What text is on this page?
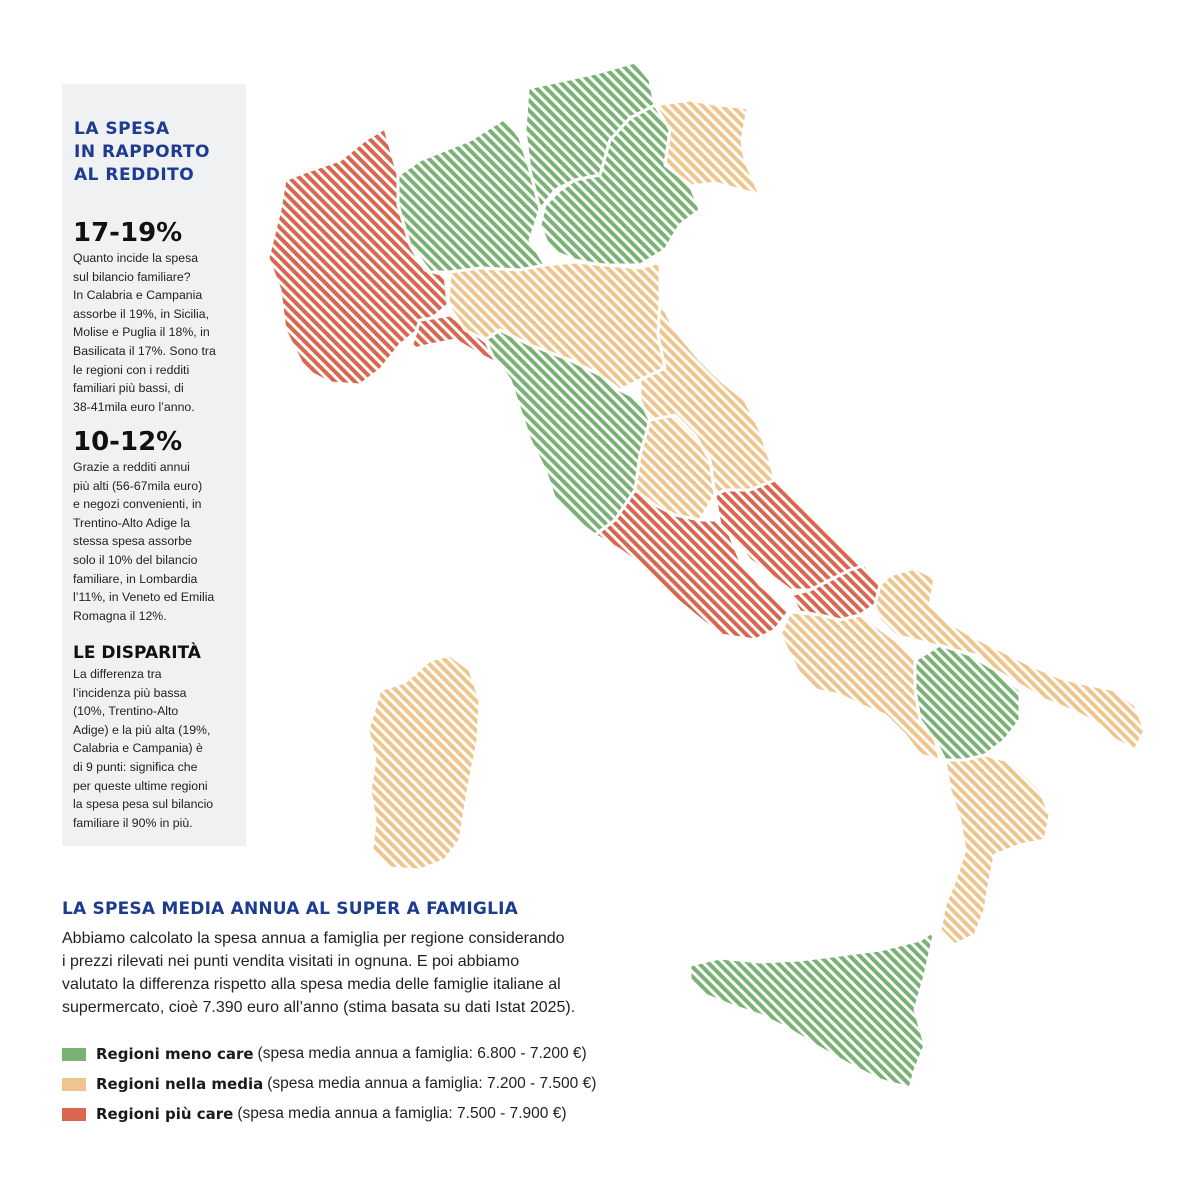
LA SPESA
IN RAPPORTO
AL REDDITO
17-19%

Quanto incide la spesa
sul bilancio familiare?
In Calabria e Campania
assorbe il 19%, in Sicilia,
Molise e Puglia il 18%, in
Basilicata il 17%. Sono tra
le regioni con i redditi
familiari più bassi, di
38-41mila euro l’anno.

10-12%

Grazie a redditi annui
più alti (56-67mila euro)
e negozi convenienti, in
Trentino-Alto Adige la
stessa spesa assorbe
solo il 10% del bilancio
familiare, in Lombardia
l’11%, in Veneto ed Emilia
Romagna il 12%.

LE DISPARITÀ

La differenza tra
l’incidenza più bassa
(10%, Trentino-Alto
Adige) e la più alta (19%,
Calabria e Campania) è
di 9 punti: significa che
per queste ultime regioni
la spesa pesa sul bilancio
familiare il 90% in più.

LA SPESA MEDIA ANNUA AL SUPER A FAMIGLIA

Abbiamo calcolato la spesa annua a famiglia per regione considerando
i prezzi rilevati nei punti vendita visitati in ognuna. E poi abbiamo
valutato la differenza rispetto alla spesa media delle famiglie italiane al
supermercato, cioè 7.390 euro all’anno (stima basata su dati Istat 2025).

Regioni meno care (spesa media annua a famiglia: 6.800 - 7.200 €)
Regioni nella media (spesa media annua a famiglia: 7.200 - 7.500 €)
Regioni più care (spesa media annua a famiglia: 7.500 - 7.900 €)
